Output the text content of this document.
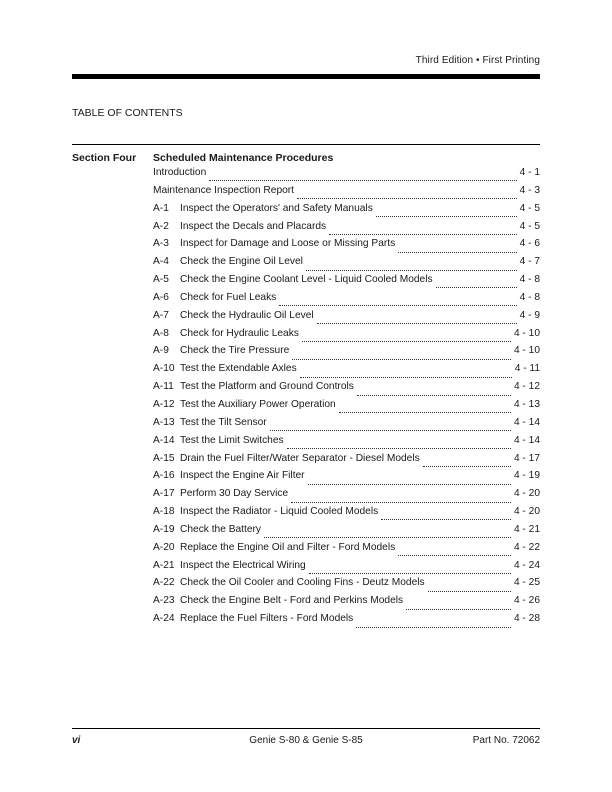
Third Edition • First Printing
TABLE OF CONTENTS
Section Four Scheduled Maintenance Procedures
Introduction	4 - 1
Maintenance Inspection Report	4 - 3
A-1	Inspect the Operators' and Safety Manuals	4 - 5
A-2	Inspect the Decals and Placards	4 - 5
A-3	Inspect for Damage and Loose or Missing Parts	4 - 6
A-4	Check the Engine Oil Level	4 - 7
A-5	Check the Engine Coolant Level - Liquid Cooled Models	4 - 8
A-6	Check for Fuel Leaks	4 - 8
A-7	Check the Hydraulic Oil Level	4 - 9
A-8	Check for Hydraulic Leaks	4 - 10
A-9	Check the Tire Pressure	4 - 10
A-10 Test the Extendable Axles	4 - 11
A-11 Test the Platform and Ground Controls	4 - 12
A-12 Test the Auxiliary Power Operation	4 - 13
A-13 Test the Tilt Sensor	4 - 14
A-14 Test the Limit Switches	4 - 14
A-15 Drain the Fuel Filter/Water Separator - Diesel Models	4 - 17
A-16 Inspect the Engine Air Filter	4 - 19
A-17 Perform 30 Day Service	4 - 20
A-18 Inspect the Radiator - Liquid Cooled Models	4 - 20
A-19 Check the Battery	4 - 21
A-20 Replace the Engine Oil and Filter - Ford Models	4 - 22
A-21 Inspect the Electrical Wiring	4 - 24
A-22 Check the Oil Cooler and Cooling Fins - Deutz Models	4 - 25
A-23 Check the Engine Belt - Ford and Perkins Models	4 - 26
A-24 Replace the Fuel Filters - Ford Models	4 - 28
vi	Genie S-80 & Genie S-85	Part No. 72062
